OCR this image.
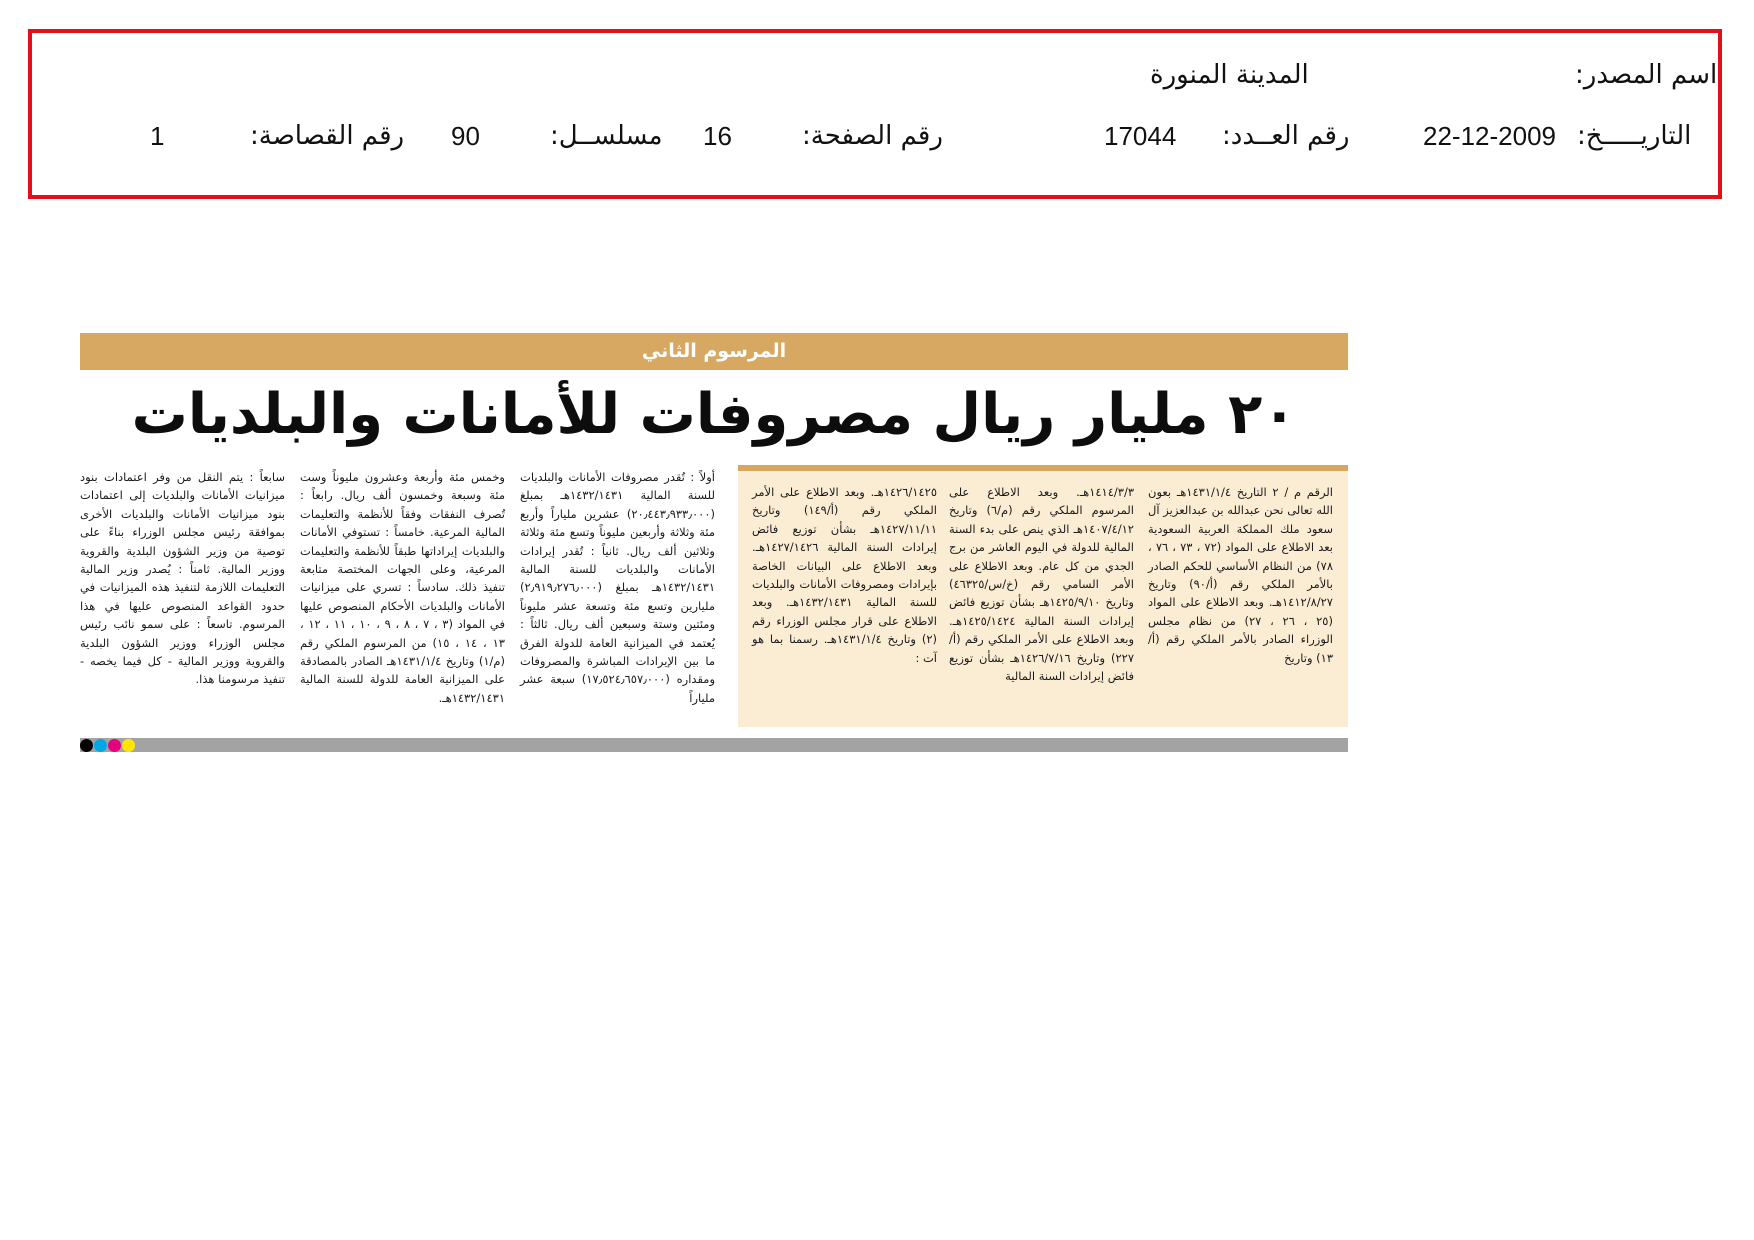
اسم المصدر:
المدينة المنورة
التاريـــــخ:
22-12-2009
رقم العــدد:
17044
رقم الصفحة:
16
مسلســل:
90
رقم القصاصة:
1
المرسوم الثاني
٢٠ مليار ريال مصروفات للأمانات والبلديات

الرقم م / ٢ التاريخ ١٤٣١/١/٤هـ بعون الله تعالى نحن عبدالله بن عبدالعزيز آل سعود ملك المملكة العربية السعودية بعد الاطلاع على المواد (٧٢ ، ٧٣ ، ٧٦ ، ٧٨) من النظام الأساسي للحكم الصادر بالأمر الملكي رقم (أ/٩٠) وتاريخ ١٤١٢/٨/٢٧هـ. وبعد الاطلاع على المواد (٢٥ ، ٢٦ ، ٢٧) من نظام مجلس الوزراء الصادر بالأمر الملكي رقم (أ/١٣) وتاريخ

١٤١٤/٣/٣هـ. وبعد الاطلاع على المرسوم الملكي رقم (م/٦) وتاريخ ١٤٠٧/٤/١٢هـ الذي ينص على بدء السنة المالية للدولة في اليوم العاشر من برج الجدي من كل عام. وبعد الاطلاع على الأمر السامي رقم (خ/س/٤٦٣٢٥) وتاريخ ١٤٢٥/٩/١٠هـ بشأن توزيع فائض إيرادات السنة المالية ١٤٢٥/١٤٢٤هـ. وبعد الاطلاع على الأمر الملكي رقم (أ/٢٢٧) وتاريخ ١٤٢٦/٧/١٦هـ بشأن توزيع فائض إيرادات السنة المالية

١٤٢٦/١٤٢٥هـ. وبعد الاطلاع على الأمر الملكي رقم (أ/١٤٩) وتاريخ ١٤٢٧/١١/١١هـ بشأن توزيع فائض إيرادات السنة المالية ١٤٢٧/١٤٢٦هـ. وبعد الاطلاع على البيانات الخاصة بإيرادات ومصروفات الأمانات والبلديات للسنة المالية ١٤٣٢/١٤٣١هـ. وبعد الاطلاع على قرار مجلس الوزراء رقم (٢) وتاريخ ١٤٣١/١/٤هـ. رسمنا بما هو آت :

أولاً : تُقدر مصروفات الأمانات والبلديات للسنة المالية ١٤٣٢/١٤٣١هـ بمبلغ (٢٠٫٤٤٣٫٩٣٣٫٠٠٠) عشرين ملياراً وأربع مئة وثلاثة وأربعين مليوناً وتسع مئة وثلاثة وثلاثين ألف ريال. ثانياً : تُقدر إيرادات الأمانات والبلديات للسنة المالية ١٤٣٢/١٤٣١هـ بمبلغ (٢٫٩١٩٫٢٧٦٫٠٠٠) مليارين وتسع مئة وتسعة عشر مليوناً ومئتين وستة وسبعين ألف ريال. ثالثاً : يُعتمد في الميزانية العامة للدولة الفرق ما بين الإيرادات المباشرة والمصروفات ومقداره (١٧٫٥٢٤٫٦٥٧٫٠٠٠) سبعة عشر ملياراً

وخمس مئة وأربعة وعشرون مليوناً وست مئة وسبعة وخمسون ألف ريال. رابعاً : تُصرف النفقات وفقاً للأنظمة والتعليمات المالية المرعية. خامساً : تستوفي الأمانات والبلديات إيراداتها طبقاً للأنظمة والتعليمات المرعية، وعلى الجهات المختصة متابعة تنفيذ ذلك. سادساً : تسري على ميزانيات الأمانات والبلديات الأحكام المنصوص عليها في المواد (٣ ، ٧ ، ٨ ، ٩ ، ١٠ ، ١١ ، ١٢ ، ١٣ ، ١٤ ، ١٥) من المرسوم الملكي رقم (م/١) وتاريخ ١٤٣١/١/٤هـ الصادر بالمصادقة على الميزانية العامة للدولة للسنة المالية ١٤٣٢/١٤٣١هـ.

سابعاً : يتم النقل من وفر اعتمادات بنود ميزانيات الأمانات والبلديات إلى اعتمادات بنود ميزانيات الأمانات والبلديات الأخرى بموافقة رئيس مجلس الوزراء بناءً على توصية من وزير الشؤون البلدية والقروية ووزير المالية. ثامناً : يُصدر وزير المالية التعليمات اللازمة لتنفيذ هذه الميزانيات في حدود القواعد المنصوص عليها في هذا المرسوم. تاسعاً : على سمو نائب رئيس مجلس الوزراء ووزير الشؤون البلدية والقروية ووزير المالية - كل فيما يخصه - تنفيذ مرسومنا هذا.
